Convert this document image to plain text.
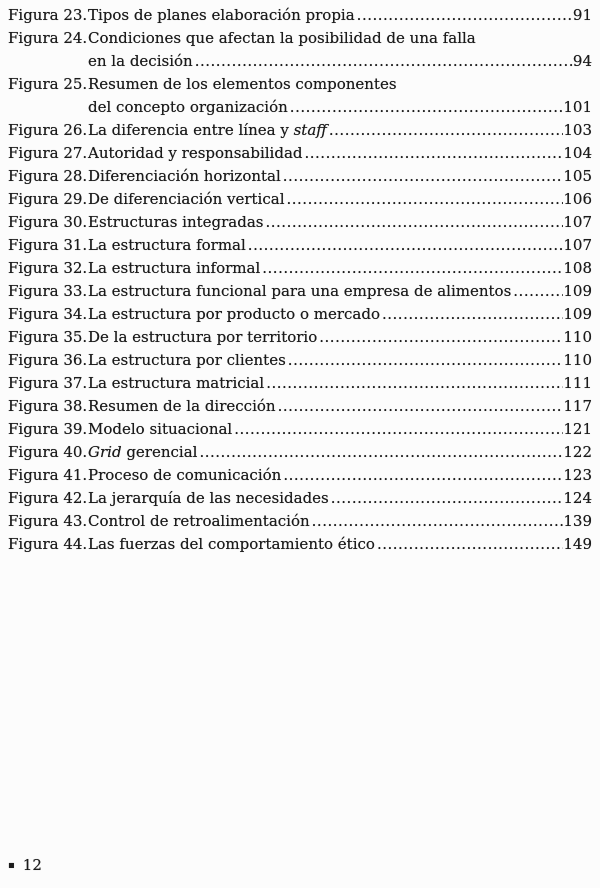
Figura 23. Tipos de planes elaboración propia .....	91
Figura 24. Condiciones que afectan la posibilidad de una falla
en la decisión .....	94
Figura 25. Resumen de los elementos componentes
del concepto organización .....	101
Figura 26. La diferencia entre línea y staff .....	103
Figura 27. Autoridad y responsabilidad .....	104
Figura 28. Diferenciación horizontal .....	105
Figura 29. De diferenciación vertical .....	106
Figura 30. Estructuras integradas .....	107
Figura 31. La estructura formal .....	107
Figura 32. La estructura informal .....	108
Figura 33. La estructura funcional para una empresa de alimentos .....	109
Figura 34. La estructura por producto o mercado .....	109
Figura 35. De la estructura por territorio .....	110
Figura 36. La estructura por clientes .....	110
Figura 37. La estructura matricial .....	111
Figura 38. Resumen de la dirección .....	117
Figura 39. Modelo situacional .....	121
Figura 40. Grid gerencial .....	122
Figura 41. Proceso de comunicación .....	123
Figura 42. La jerarquía de las necesidades .....	124
Figura 43. Control de retroalimentación .....	139
Figura 44. Las fuerzas del comportamiento ético .....	149
▪ 12
